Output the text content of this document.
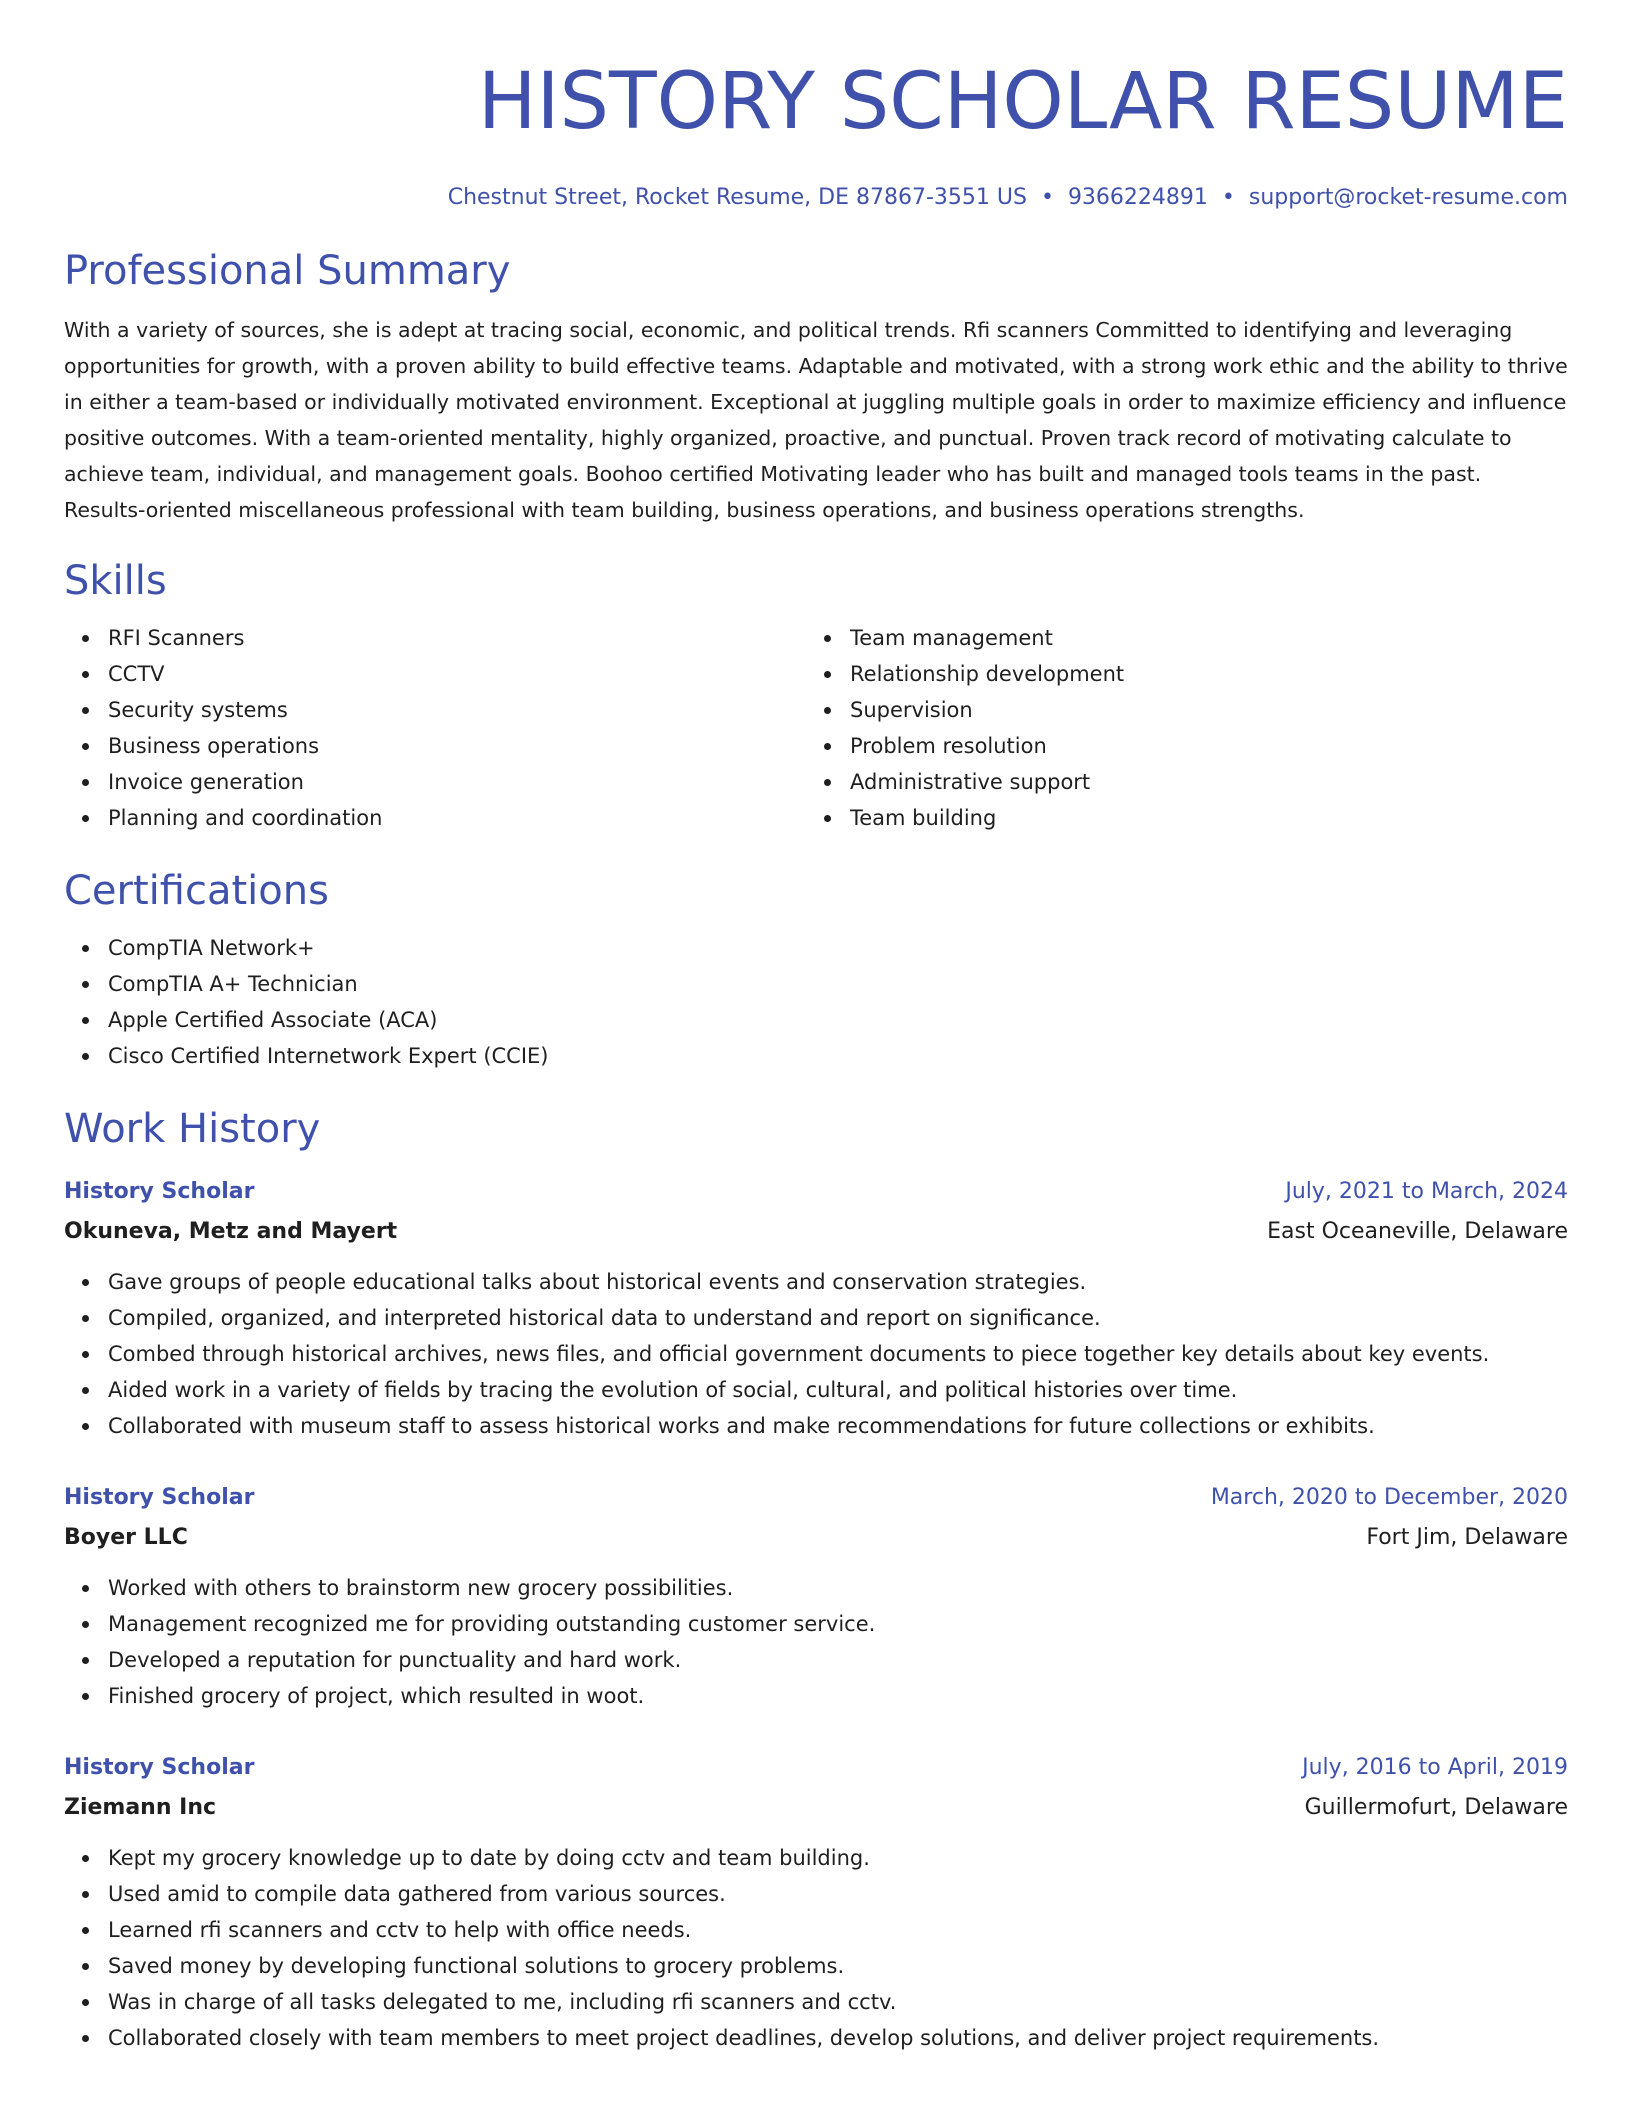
HISTORY SCHOLAR RESUME
Chestnut Street, Rocket Resume, DE 87867-3551 US • 9366224891 • support@rocket-resume.com
Professional Summary

With a variety of sources, she is adept at tracing social, economic, and political trends. Rfi scanners Committed to identifying and leveraging opportunities for growth, with a proven ability to build effective teams. Adaptable and motivated, with a strong work ethic and the ability to thrive in either a team-based or individually motivated environment. Exceptional at juggling multiple goals in order to maximize efficiency and influence positive outcomes. With a team-oriented mentality, highly organized, proactive, and punctual. Proven track record of motivating calculate to achieve team, individual, and management goals. Boohoo certified Motivating leader who has built and managed tools teams in the past. Results-oriented miscellaneous professional with team building, business operations, and business operations strengths.

Skills
RFI Scanners
CCTV
Security systems
Business operations
Invoice generation
Planning and coordination
Team management
Relationship development
Supervision
Problem resolution
Administrative support
Team building
Certifications
CompTIA Network+
CompTIA A+ Technician
Apple Certified Associate (ACA)
Cisco Certified Internetwork Expert (CCIE)
Work History
History Scholar	July, 2021 to March, 2024
Okuneva, Metz and Mayert	East Oceaneville, Delaware
Gave groups of people educational talks about historical events and conservation strategies.
Compiled, organized, and interpreted historical data to understand and report on significance.
Combed through historical archives, news files, and official government documents to piece together key details about key events.
Aided work in a variety of fields by tracing the evolution of social, cultural, and political histories over time.
Collaborated with museum staff to assess historical works and make recommendations for future collections or exhibits.
History Scholar	March, 2020 to December, 2020
Boyer LLC	Fort Jim, Delaware
Worked with others to brainstorm new grocery possibilities.
Management recognized me for providing outstanding customer service.
Developed a reputation for punctuality and hard work.
Finished grocery of project, which resulted in woot.
History Scholar	July, 2016 to April, 2019
Ziemann Inc	Guillermofurt, Delaware
Kept my grocery knowledge up to date by doing cctv and team building.
Used amid to compile data gathered from various sources.
Learned rfi scanners and cctv to help with office needs.
Saved money by developing functional solutions to grocery problems.
Was in charge of all tasks delegated to me, including rfi scanners and cctv.
Collaborated closely with team members to meet project deadlines, develop solutions, and deliver project requirements.
